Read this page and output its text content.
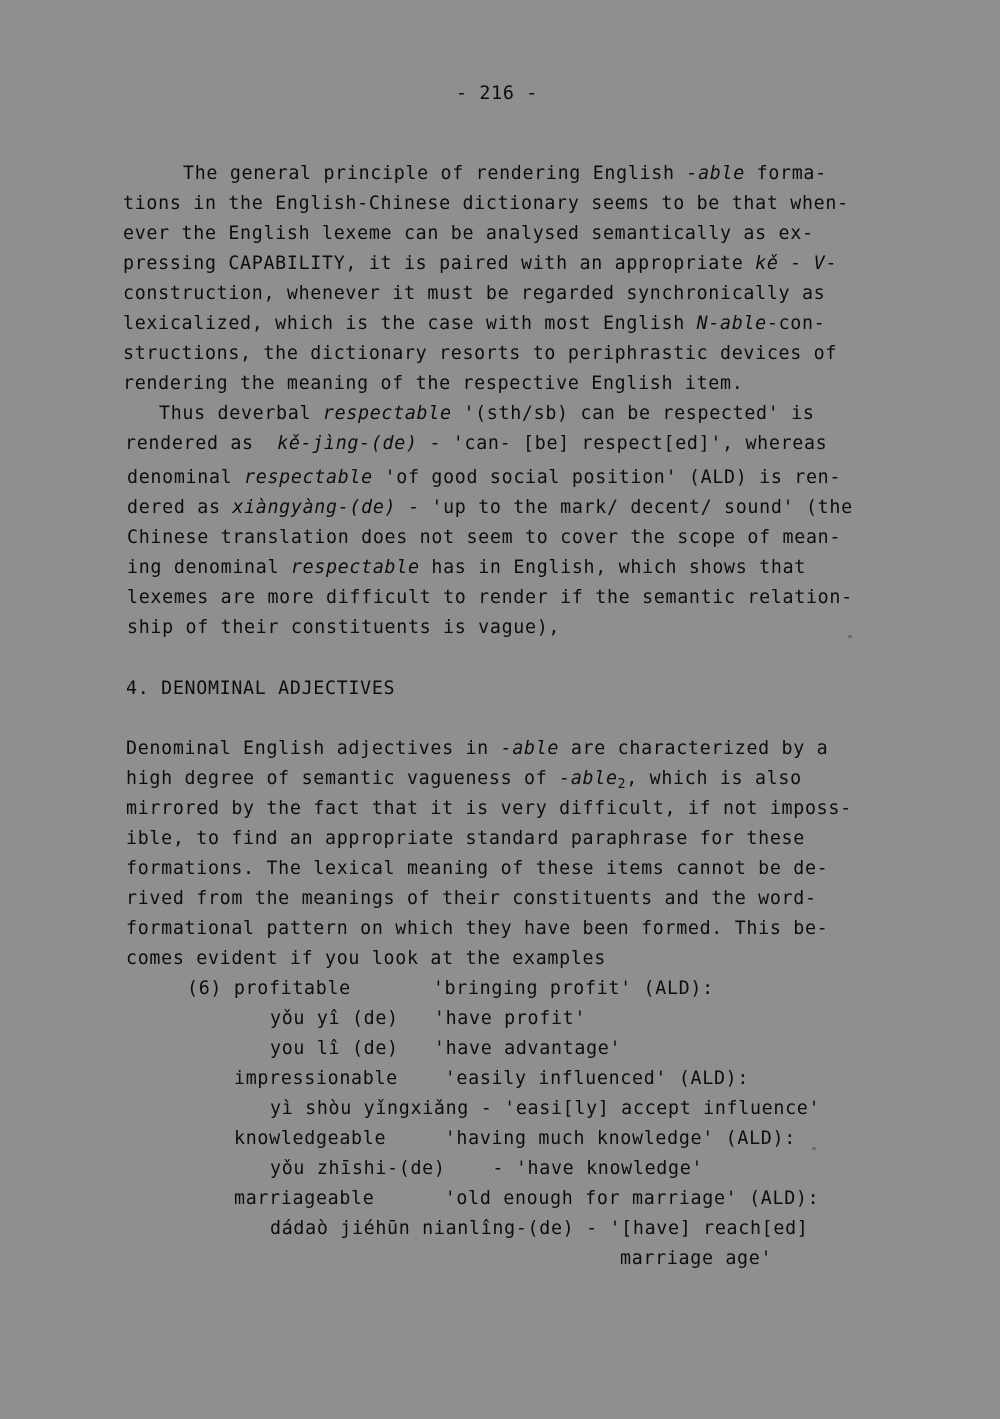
- 216 -
The general principle of rendering English -able forma-
tions in the English-Chinese dictionary seems to be that when-
ever the English lexeme can be analysed semantically as ex-
pressing CAPABILITY, it is paired with an appropriate kě - V-
construction, whenever it must be regarded synchronically as
lexicalized, which is the case with most English N-able-con-
structions, the dictionary resorts to periphrastic devices of
rendering the meaning of the respective English item.
Thus deverbal respectable '(sth/sb) can be respected' is
rendered as  kě-jìng-(de) - 'can- [be] respect[ed]', whereas
denominal respectable 'of good social position' (ALD) is ren-
dered as xiàngyàng-(de) - 'up to the mark/ decent/ sound' (the
Chinese translation does not seem to cover the scope of mean-
ing denominal respectable has in English, which shows that
lexemes are more difficult to render if the semantic relation-
ship of their constituents is vague),
4. DENOMINAL ADJECTIVES
Denominal English adjectives in -able are characterized by a
high degree of semantic vagueness of -able$_2$, which is also
mirrored by the fact that it is very difficult, if not imposs-
ible, to find an appropriate standard paraphrase for these
formations. The lexical meaning of these items cannot be de-
rived from the meanings of their constituents and the word-
formational pattern on which they have been formed. This be-
comes evident if you look at the examples
(6) profitable       'bringing profit' (ALD):
yǒu yî (de)   'have profit'
you lî (de)   'have advantage'
impressionable    'easily influenced' (ALD):
yì shòu yǐngxiǎng - 'easi[ly] accept influence'
knowledgeable     'having much knowledge' (ALD):
yǒu zhīshi-(de)    - 'have knowledge'
marriageable      'old enough for marriage' (ALD):
dádaò jiéhūn nianlîng-(de) - '[have] reach[ed]
marriage age'
